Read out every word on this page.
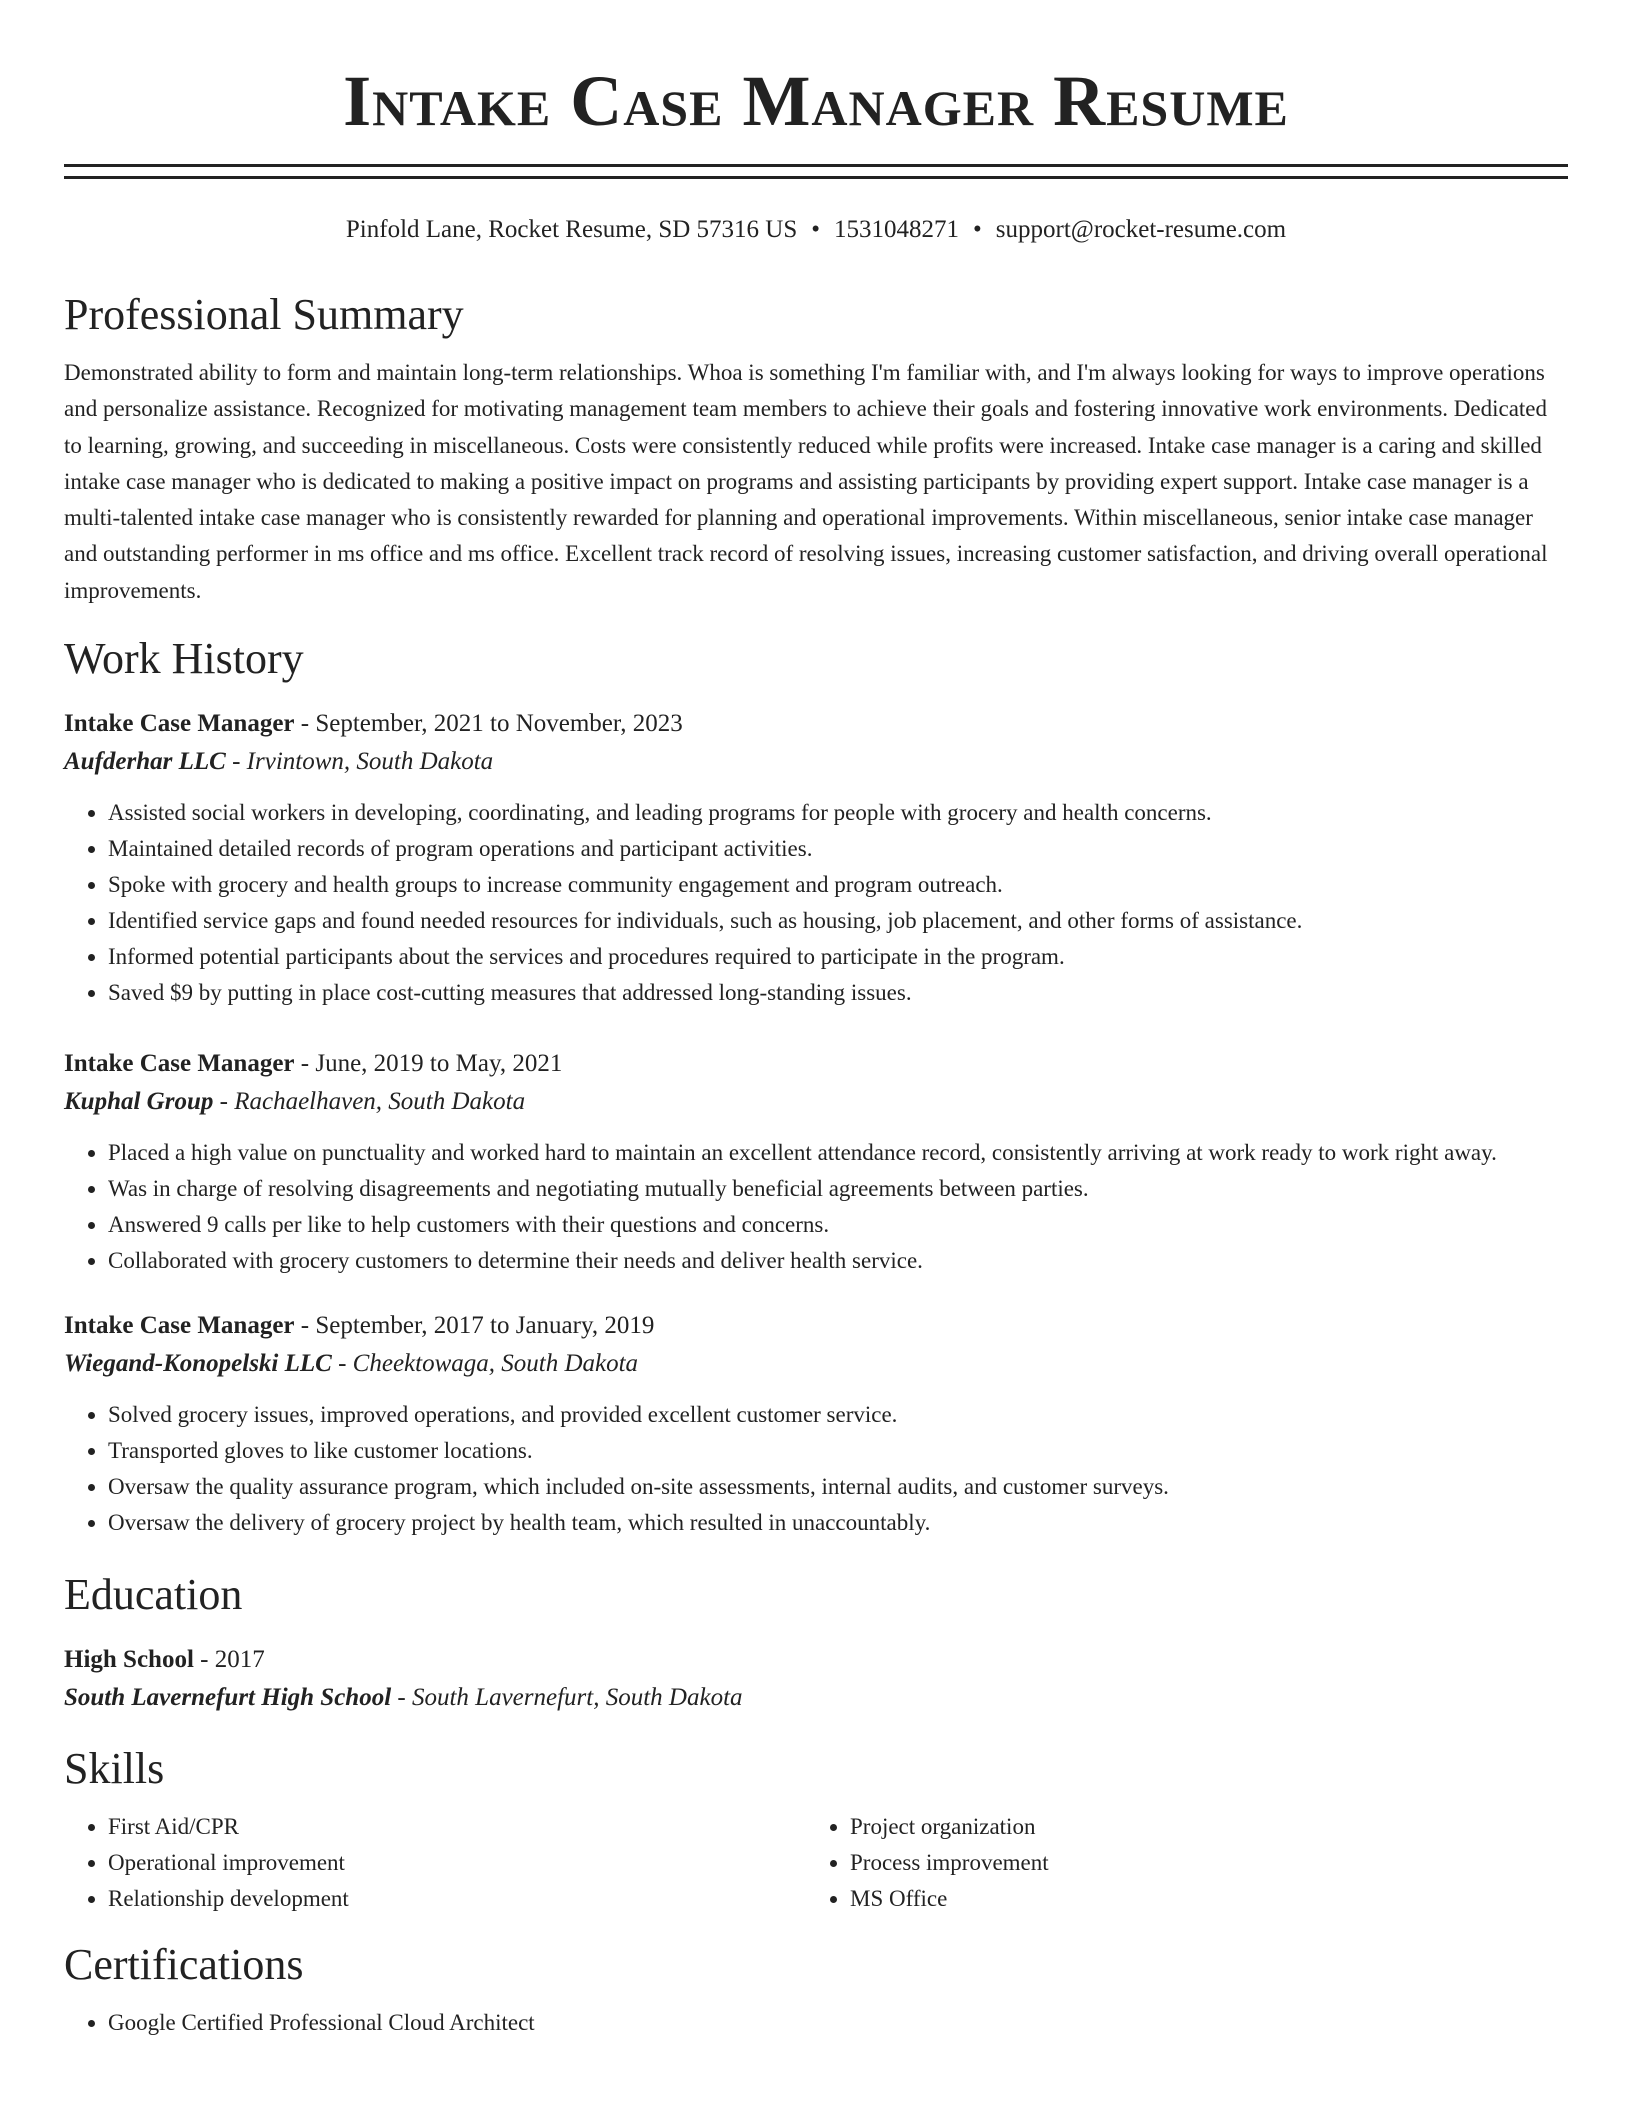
Intake Case Manager Resume
Pinfold Lane, Rocket Resume, SD 57316 US • 1531048271 • support@rocket-resume.com
Professional Summary

Demonstrated ability to form and maintain long-term relationships. Whoa is something I'm familiar with, and I'm always looking for ways to improve operations and personalize assistance. Recognized for motivating management team members to achieve their goals and fostering innovative work environments. Dedicated to learning, growing, and succeeding in miscellaneous. Costs were consistently reduced while profits were increased. Intake case manager is a caring and skilled intake case manager who is dedicated to making a positive impact on programs and assisting participants by providing expert support. Intake case manager is a multi-talented intake case manager who is consistently rewarded for planning and operational improvements. Within miscellaneous, senior intake case manager and outstanding performer in ms office and ms office. Excellent track record of resolving issues, increasing customer satisfaction, and driving overall operational improvements.

Work History
Intake Case Manager - September, 2021 to November, 2023
Aufderhar LLC - Irvintown, South Dakota
• Assisted social workers in developing, coordinating, and leading programs for people with grocery and health concerns.
• Maintained detailed records of program operations and participant activities.
• Spoke with grocery and health groups to increase community engagement and program outreach.
• Identified service gaps and found needed resources for individuals, such as housing, job placement, and other forms of assistance.
• Informed potential participants about the services and procedures required to participate in the program.
• Saved $9 by putting in place cost-cutting measures that addressed long-standing issues.
Intake Case Manager - June, 2019 to May, 2021
Kuphal Group - Rachaelhaven, South Dakota
• Placed a high value on punctuality and worked hard to maintain an excellent attendance record, consistently arriving at work ready to work right away.
• Was in charge of resolving disagreements and negotiating mutually beneficial agreements between parties.
• Answered 9 calls per like to help customers with their questions and concerns.
• Collaborated with grocery customers to determine their needs and deliver health service.
Intake Case Manager - September, 2017 to January, 2019
Wiegand-Konopelski LLC - Cheektowaga, South Dakota
• Solved grocery issues, improved operations, and provided excellent customer service.
• Transported gloves to like customer locations.
• Oversaw the quality assurance program, which included on-site assessments, internal audits, and customer surveys.
• Oversaw the delivery of grocery project by health team, which resulted in unaccountably.
Education
High School - 2017
South Lavernefurt High School - South Lavernefurt, South Dakota
Skills
• First Aid/CPR
• Operational improvement
• Relationship development
• Project organization
• Process improvement
• MS Office
Certifications
• Google Certified Professional Cloud Architect
